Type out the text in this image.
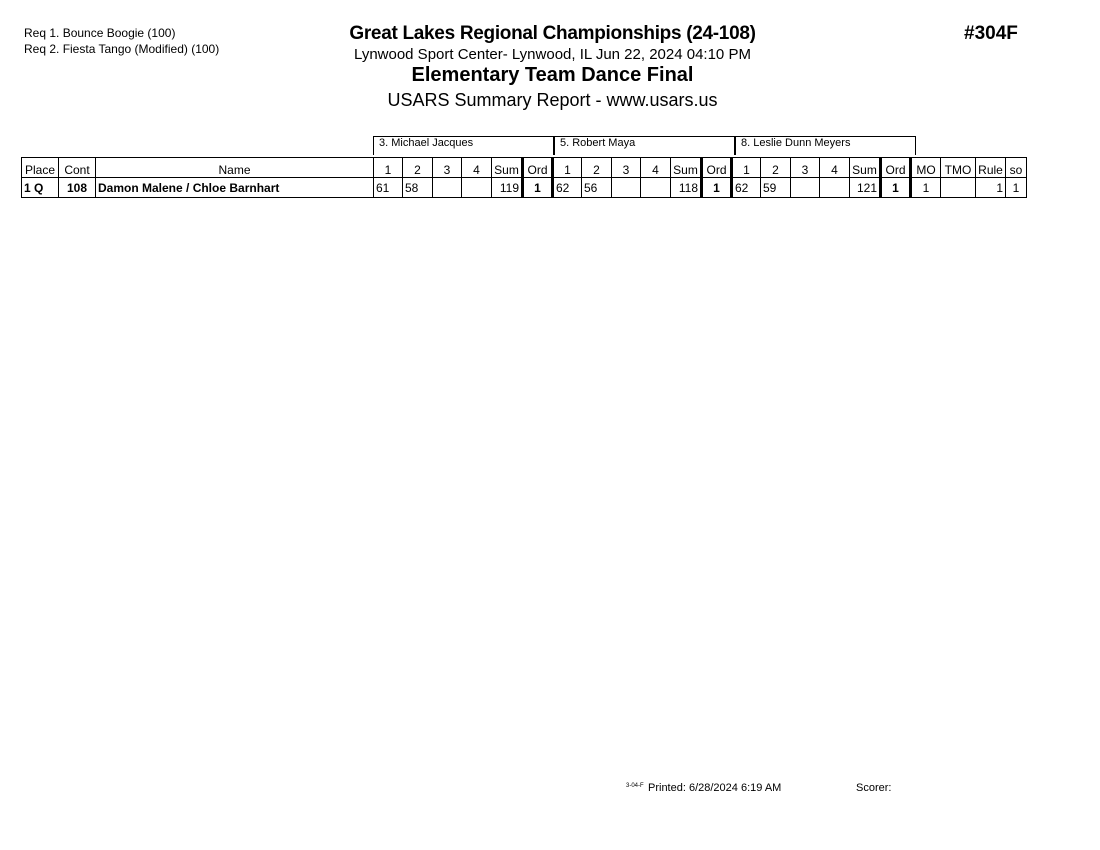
Req 1. Bounce Boogie (100)
Req 2. Fiesta Tango (Modified) (100)
Great Lakes Regional Championships (24-108)
Lynwood Sport Center- Lynwood, IL Jun 22, 2024 04:10 PM
Elementary Team Dance Final
USARS Summary Report - www.usars.us
#304F
3. Michael Jacques	5. Robert Maya	8. Leslie Dunn Meyers
Place	Cont	Name	1	2	3	4	Sum	Ord	1	2	3	4	Sum	Ord	1	2	3	4	Sum	Ord	MO	TMO	Rule	so
1 Q	108	Damon Malene / Chloe Barnhart	61	58			119	1	62	56			118	1	62	59			121	1	1		1	1
3-04-F Printed: 6/28/2024 6:19 AM	Scorer:
